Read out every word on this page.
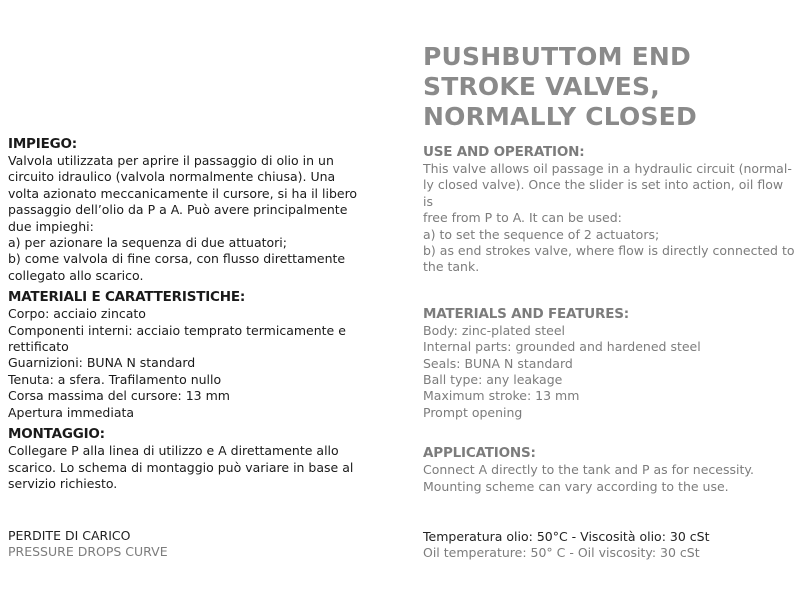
IMPIEGO:

Valvola utilizzata per aprire il passaggio di olio in un

circuito idraulico (valvola normalmente chiusa). Una

volta azionato meccanicamente il cursore, si ha il libero

passaggio dell’olio da P a A. Può avere principalmente

due impieghi:

a) per azionare la sequenza di due attuatori;

b) come valvola di fine corsa, con flusso direttamente

collegato allo scarico.

MATERIALI E CARATTERISTICHE:

Corpo: acciaio zincato

Componenti interni: acciaio temprato termicamente e

rettificato

Guarnizioni: BUNA N standard

Tenuta: a sfera. Trafilamento nullo

Corsa massima del cursore: 13 mm

Apertura immediata

MONTAGGIO:

Collegare P alla linea di utilizzo e A direttamente allo

scarico. Lo schema di montaggio può variare in base al

servizio richiesto.

PUSHBUTTOM END
STROKE VALVES,
NORMALLY CLOSED

USE AND OPERATION:

This valve allows oil passage in a hydraulic circuit (normal-

ly closed valve). Once the slider is set into action, oil flow is

free from P to A. It can be used:

a) to set the sequence of 2 actuators;

b) as end strokes valve, where flow is directly connected to

the tank.

MATERIALS AND FEATURES:

Body: zinc-plated steel

Internal parts: grounded and hardened steel

Seals: BUNA N standard

Ball type: any leakage

Maximum stroke: 13 mm

Prompt opening

APPLICATIONS:

Connect A directly to the tank and P as for necessity.

Mounting scheme can vary according to the use.

PERDITE DI CARICO

PRESSURE DROPS CURVE

Temperatura olio: 50°C - Viscosità olio: 30 cSt

Oil temperature: 50° C - Oil viscosity: 30 cSt
